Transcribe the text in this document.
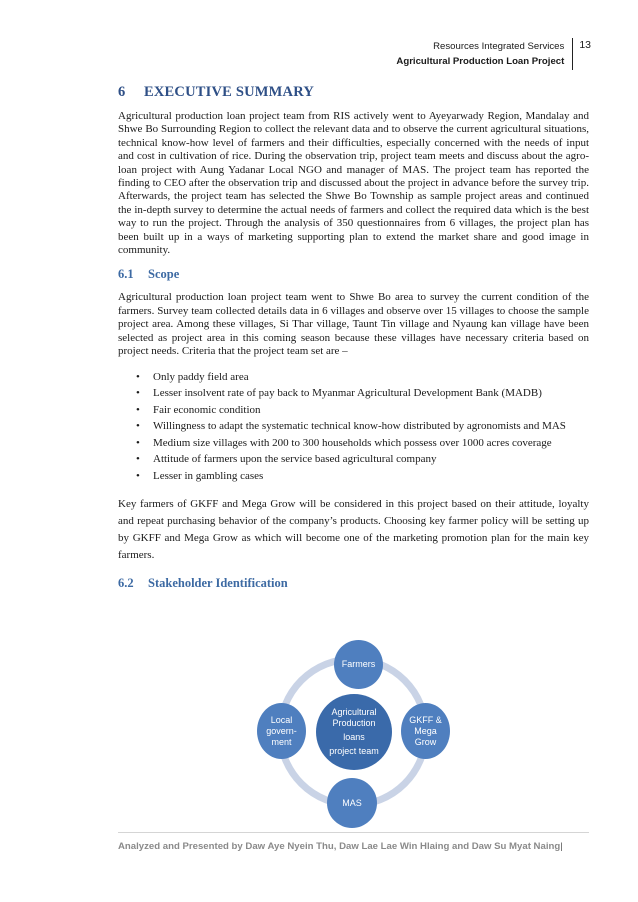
Resources Integrated Services
Agricultural Production Loan Project
13
6 EXECUTIVE SUMMARY

Agricultural production loan project team from RIS actively went to Ayeyarwady Region, Mandalay and Shwe Bo Surrounding Region to collect the relevant data and to observe the current agricultural situations, technical know-how level of farmers and their difficulties, especially concerned with the needs of input and cost in cultivation of rice. During the observation trip, project team meets and discuss about the agro-loan project with Aung Yadanar Local NGO and manager of MAS. The project team has reported the finding to CEO after the observation trip and discussed about the project in advance before the survey trip. Afterwards, the project team has selected the Shwe Bo Township as sample project areas and continued the in-depth survey to determine the actual needs of farmers and collect the required data which is the best way to run the project. Through the analysis of 350 questionnaires from 6 villages, the project plan has been built up in a ways of marketing supporting plan to extend the market share and good image in community.

6.1 Scope

Agricultural production loan project team went to Shwe Bo area to survey the current condition of the farmers. Survey team collected details data in 6 villages and observe over 15 villages to choose the sample project area. Among these villages, Si Thar village, Taunt Tin village and Nyaung kan village have been selected as project area in this coming season because these villages have necessary criteria based on project needs. Criteria that the project team set are –

• Only paddy field area
• Lesser insolvent rate of pay back to Myanmar Agricultural Development Bank (MADB)
• Fair economic condition
• Willingness to adapt the systematic technical know-how distributed by agronomists and MAS
• Medium size villages with 200 to 300 households which possess over 1000 acres coverage
• Attitude of farmers upon the service based agricultural company
• Lesser in gambling cases

Key farmers of GKFF and Mega Grow will be considered in this project based on their attitude, loyalty and repeat purchasing behavior of the company’s products. Choosing key farmer policy will be setting up by GKFF and Mega Grow as which will become one of the marketing promotion plan for the main key farmers.

6.2 Stakeholder Identification
Farmers
GKFF &
Mega
Grow
MAS
Local
govern-
ment
Agricultural
Production
loans
project team
Analyzed and Presented by Daw Aye Nyein Thu, Daw Lae Lae Win Hlaing and Daw Su Myat Naing|
